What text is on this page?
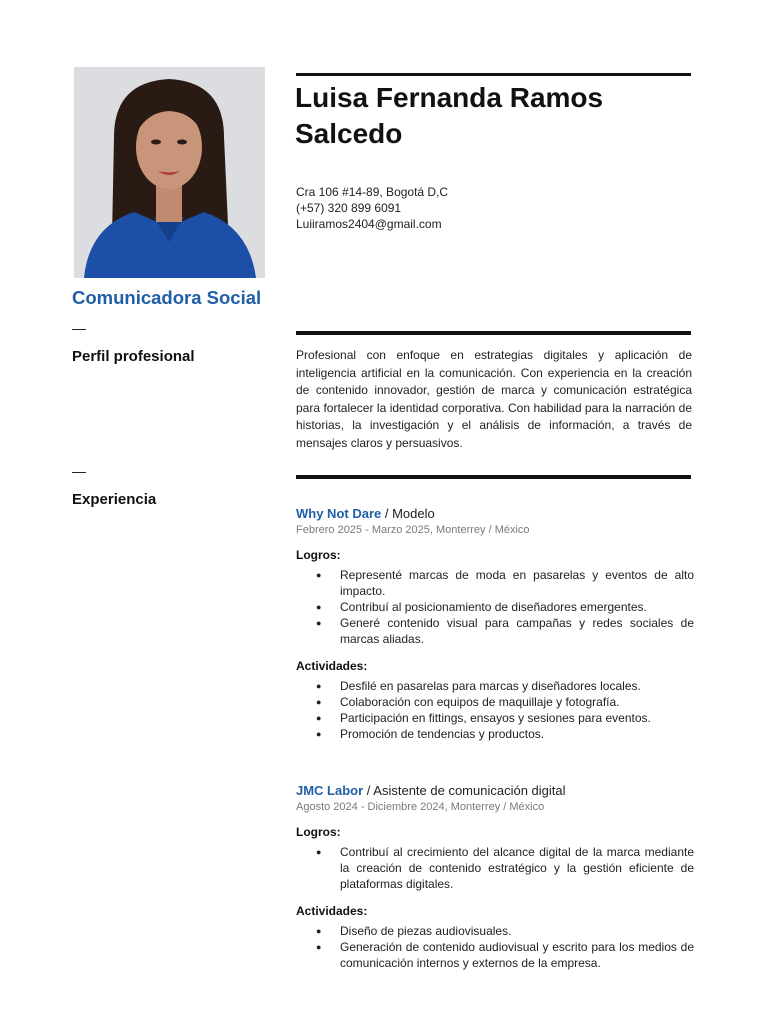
Comunicadora Social
—
Perfil profesional
—
Experiencia
Luisa Fernanda Ramos Salcedo
Cra 106 #14-89, Bogotá D,C
(+57) 320 899 6091
Luiiramos2404@gmail.com
Profesional con enfoque en estrategias digitales y aplicación de inteligencia artificial en la comunicación. Con experiencia en la creación de contenido innovador, gestión de marca y comunicación estratégica para fortalecer la identidad corporativa. Con habilidad para la narración de historias, la investigación y el análisis de información, a través de mensajes claros y persuasivos.
Why Not Dare / Modelo
Febrero 2025 - Marzo 2025, Monterrey / México
Logros:
● Representé marcas de moda en pasarelas y eventos de alto impacto.
● Contribuí al posicionamiento de diseñadores emergentes.
● Generé contenido visual para campañas y redes sociales de marcas aliadas.
Actividades:
● Desfilé en pasarelas para marcas y diseñadores locales.
● Colaboración con equipos de maquillaje y fotografía.
● Participación en fittings, ensayos y sesiones para eventos.
● Promoción de tendencias y productos.
JMC Labor / Asistente de comunicación digital
Agosto 2024 - Diciembre 2024, Monterrey / México
Logros:
● Contribuí al crecimiento del alcance digital de la marca mediante la creación de contenido estratégico y la gestión eficiente de plataformas digitales.
Actividades:
● Diseño de piezas audiovisuales.
● Generación de contenido audiovisual y escrito para los medios de comunicación internos y externos de la empresa.
